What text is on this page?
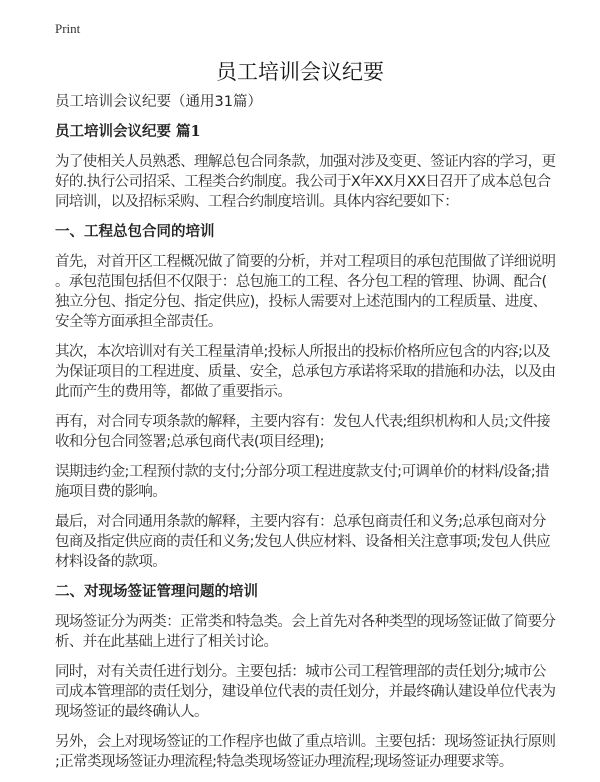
Print
员工培训会议纪要
员工培训会议纪要（通用31篇）
员工培训会议纪要 篇1
为了使相关人员熟悉、理解总包合同条款，加强对涉及变更、签证内容的学习，更
好的.执行公司招采、工程类合约制度。我公司于X年XX月XX日召开了成本总包合
同培训，以及招标采购、工程合约制度培训。具体内容纪要如下：
一、工程总包合同的培训
首先，对首开区工程概况做了简要的分析，并对工程项目的承包范围做了详细说明
。承包范围包括但不仅限于：总包施工的工程、各分包工程的管理、协调、配合(
独立分包、指定分包、指定供应)，投标人需要对上述范围内的工程质量、进度、
安全等方面承担全部责任。
其次，本次培训对有关工程量清单;投标人所报出的投标价格所应包含的内容;以及
为保证项目的工程进度、质量、安全，总承包方承诺将采取的措施和办法，以及由
此而产生的费用等，都做了重要指示。
再有，对合同专项条款的解释，主要内容有：发包人代表;组织机构和人员;文件接
收和分包合同签署;总承包商代表(项目经理);
误期违约金;工程预付款的支付;分部分项工程进度款支付;可调单价的材料/设备;措
施项目费的影响。
最后，对合同通用条款的解释，主要内容有：总承包商责任和义务;总承包商对分
包商及指定供应商的责任和义务;发包人供应材料、设备相关注意事项;发包人供应
材料设备的款项。
二、对现场签证管理问题的培训
现场签证分为两类：正常类和特急类。会上首先对各种类型的现场签证做了简要分
析、并在此基础上进行了相关讨论。
同时，对有关责任进行划分。主要包括：城市公司工程管理部的责任划分;城市公
司成本管理部的责任划分，建设单位代表的责任划分，并最终确认建设单位代表为
现场签证的最终确认人。
另外，会上对现场签证的工作程序也做了重点培训。主要包括：现场签证执行原则
;正常类现场签证办理流程;特急类现场签证办理流程;现场签证办理要求等。
